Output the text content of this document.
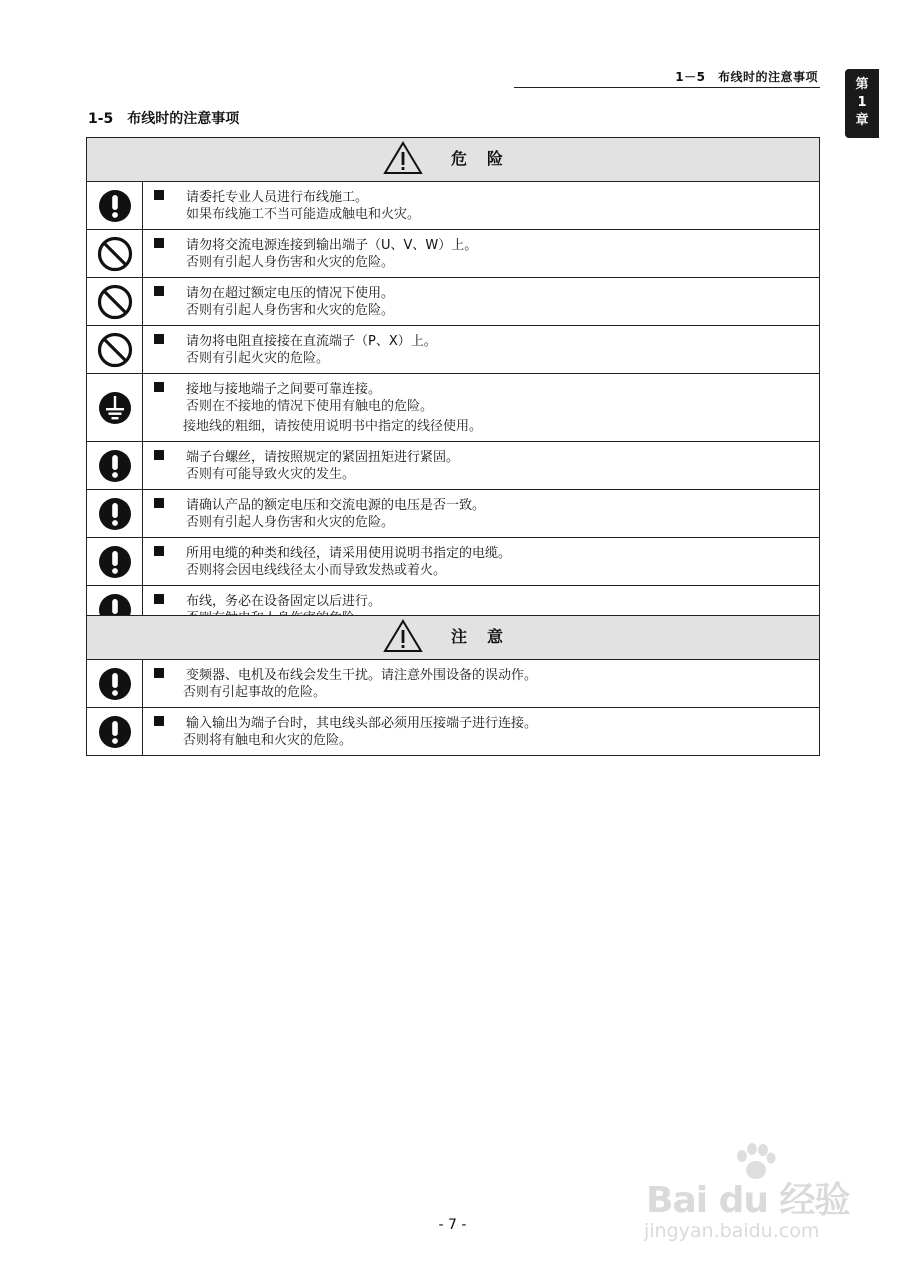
1－5　布线时的注意事项	第
1
章
1-5 布线时的注意事项
危险	

请委托专业人员进行布线施工。
如果布线施工不当可能造成触电和火灾。

请勿将交流电源连接到输出端子（U、V、W）上。
否则有引起人身伤害和火灾的危险。

请勿在超过额定电压的情况下使用。
否则有引起人身伤害和火灾的危险。

请勿将电阻直接接在直流端子（P、X）上。
否则有引起火灾的危险。

接地与接地端子之间要可靠连接。
否则在不接地的情况下使用有触电的危险。
接地线的粗细，请按使用说明书中指定的线径使用。

端子台螺丝，请按照规定的紧固扭矩进行紧固。
否则有可能导致火灾的发生。

请确认产品的额定电压和交流电源的电压是否一致。
否则有引起人身伤害和火灾的危险。

所用电缆的种类和线径，请采用使用说明书指定的电缆。
否则将会因电线线径太小而导致发热或着火。

布线，务必在设备固定以后进行。
注意	

变频器、电机及布线会发生干扰。请注意外围设备的误动作。
否则有引起事故的危险。

输入输出为端子台时，其电线头部必须用压接端子进行连接。
否则将有触电和火灾的危险。
Bai du 经验
jingyan.baidu.com
- 7 -
